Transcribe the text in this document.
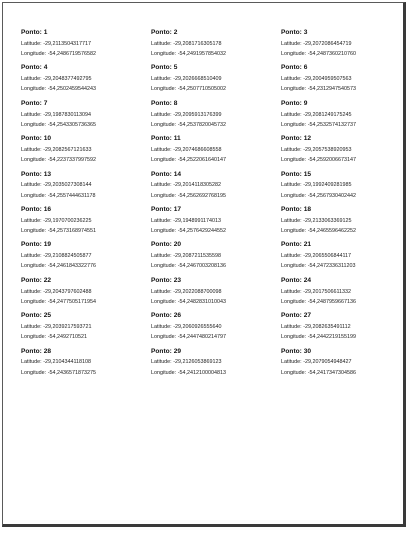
Ponto: 1
Latitude: -29,2113504317717
Longitude: -54,2486719576582
Ponto: 2
Latitude: -29,2081716305178
Longitude: -54,2491957854032
Ponto: 3
Latitude: -29,2072086454719
Longitude: -54,2487360210760
Ponto: 4
Latitude: -29,2048377492795
Longitude: -54,2502459544243
Ponto: 5
Latitude: -29,2026668510409
Longitude: -54,2507710505002
Ponto: 6
Latitude: -29,2004959507563
Longitude: -54,2312947540573
Ponto: 7
Latitude: -29,1987830113094
Longitude: -54,2543305736365
Ponto: 8
Latitude: -29,2095913176399
Longitude: -54,2537820045732
Ponto: 9
Latitude: -29,2081249175245
Longitude: -54,2532574132737
Ponto: 10
Latitude: -29,2082567121633
Longitude: -54,2237337997592
Ponto: 11
Latitude: -29,2074686608558
Longitude: -54,2522061640147
Ponto: 12
Latitude: -29,2057538920953
Longitude: -54,2592006673147
Ponto: 13
Latitude: -29,2035027308144
Longitude: -54,2557444631178
Ponto: 14
Latitude: -29,2014118305282
Longitude: -54,2562692768195
Ponto: 15
Latitude: -29,1992409281985
Longitude: -54,2567930402442
Ponto: 16
Latitude: -29,1970700236225
Longitude: -54,2573168974551
Ponto: 17
Latitude: -29,1948991174013
Longitude: -54,2576429244552
Ponto: 18
Latitude: -29,2133063369125
Longitude: -54,2465596462252
Ponto: 19
Latitude: -29,2108824505877
Longitude: -54,2461843322776
Ponto: 20
Latitude: -29,2087211535598
Longitude: -54,2467003208136
Ponto: 21
Latitude: -29,2065506844117
Longitude: -54,2472336311203
Ponto: 22
Latitude: -29,2043797602488
Longitude: -54,2477505171954
Ponto: 23
Latitude: -29,2022088700098
Longitude: -54,2482831010043
Ponto: 24
Latitude: -29,2017506611332
Longitude: -54,2487959667136
Ponto: 25
Latitude: -29,2039217593721
Longitude: -54,2492710521
Ponto: 26
Latitude: -29,2060926555640
Longitude: -54,2447480214797
Ponto: 27
Latitude: -29,2082635491112
Longitude: -54,2442219155199
Ponto: 28
Latitude: -29,2104344118108
Longitude: -54,2436571873275
Ponto: 29
Latitude: -29,2126053869123
Longitude: -54,2412100004813
Ponto: 30
Latitude: -29,2079054948427
Longitude: -54,2417347304586
